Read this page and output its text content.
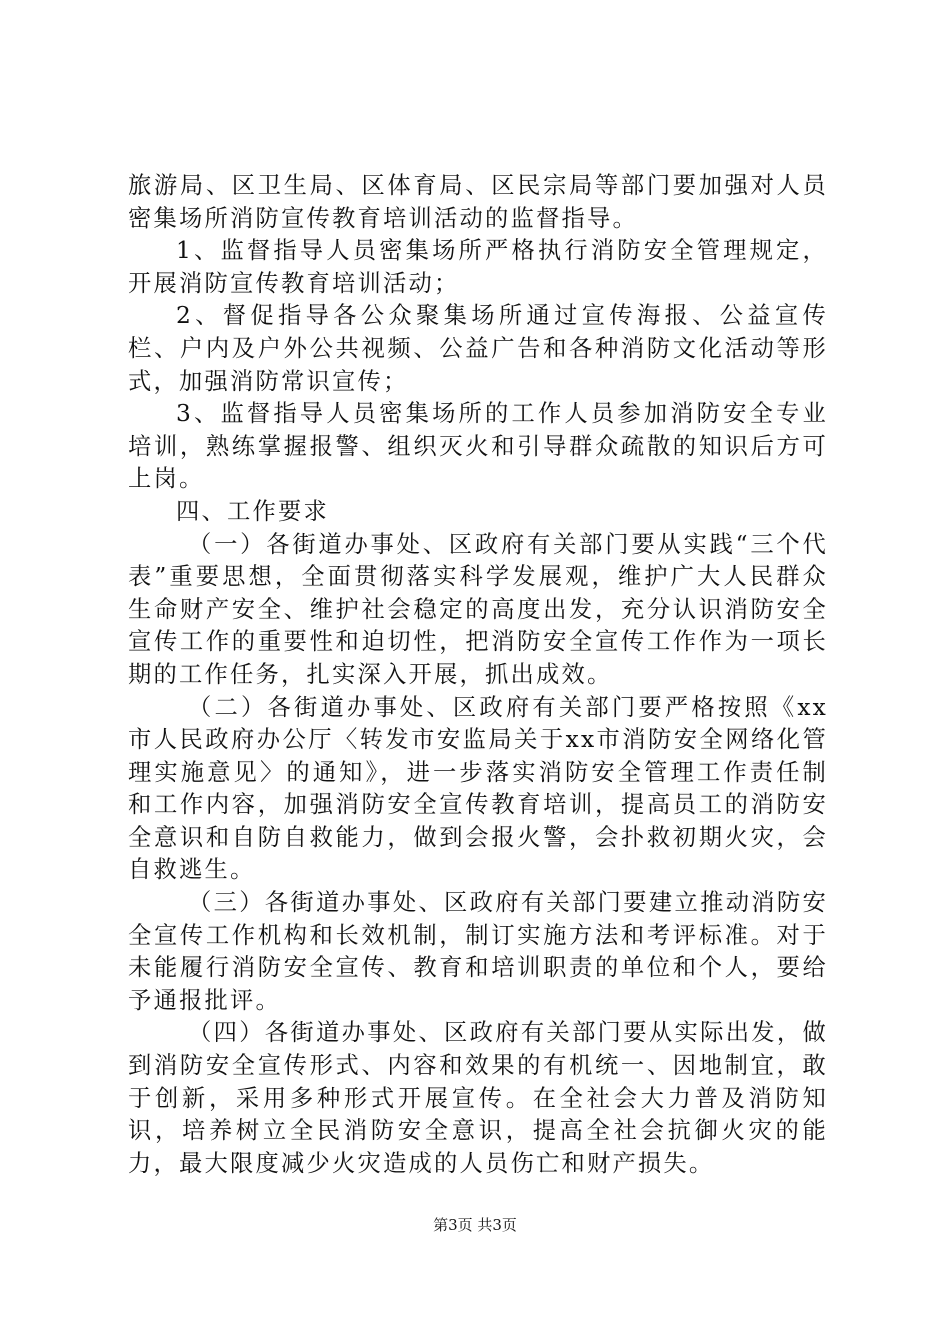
旅游局、区卫生局、区体育局、区民宗局等部门要加强对人员密集场所消防宣传教育培训活动的监督指导。

1、监督指导人员密集场所严格执行消防安全管理规定，开展消防宣传教育培训活动；

2、督促指导各公众聚集场所通过宣传海报、公益宣传栏、户内及户外公共视频、公益广告和各种消防文化活动等形式，加强消防常识宣传；

3、监督指导人员密集场所的工作人员参加消防安全专业培训，熟练掌握报警、组织灭火和引导群众疏散的知识后方可上岗。

四、工作要求

（一）各街道办事处、区政府有关部门要从实践“三个代表”重要思想，全面贯彻落实科学发展观，维护广大人民群众生命财产安全、维护社会稳定的高度出发，充分认识消防安全宣传工作的重要性和迫切性，把消防安全宣传工作作为一项长期的工作任务，扎实深入开展，抓出成效。

（二）各街道办事处、区政府有关部门要严格按照《xx市人民政府办公厅〈转发市安监局关于xx市消防安全网络化管理实施意见〉的通知》，进一步落实消防安全管理工作责任制和工作内容，加强消防安全宣传教育培训，提高员工的消防安全意识和自防自救能力，做到会报火警，会扑救初期火灾，会自救逃生。

（三）各街道办事处、区政府有关部门要建立推动消防安全宣传工作机构和长效机制，制订实施方法和考评标准。对于未能履行消防安全宣传、教育和培训职责的单位和个人，要给予通报批评。

（四）各街道办事处、区政府有关部门要从实际出发，做到消防安全宣传形式、内容和效果的有机统一、因地制宜，敢于创新，采用多种形式开展宣传。在全社会大力普及消防知识，培养树立全民消防安全意识，提高全社会抗御火灾的能力，最大限度减少火灾造成的人员伤亡和财产损失。

第3页 共3页
